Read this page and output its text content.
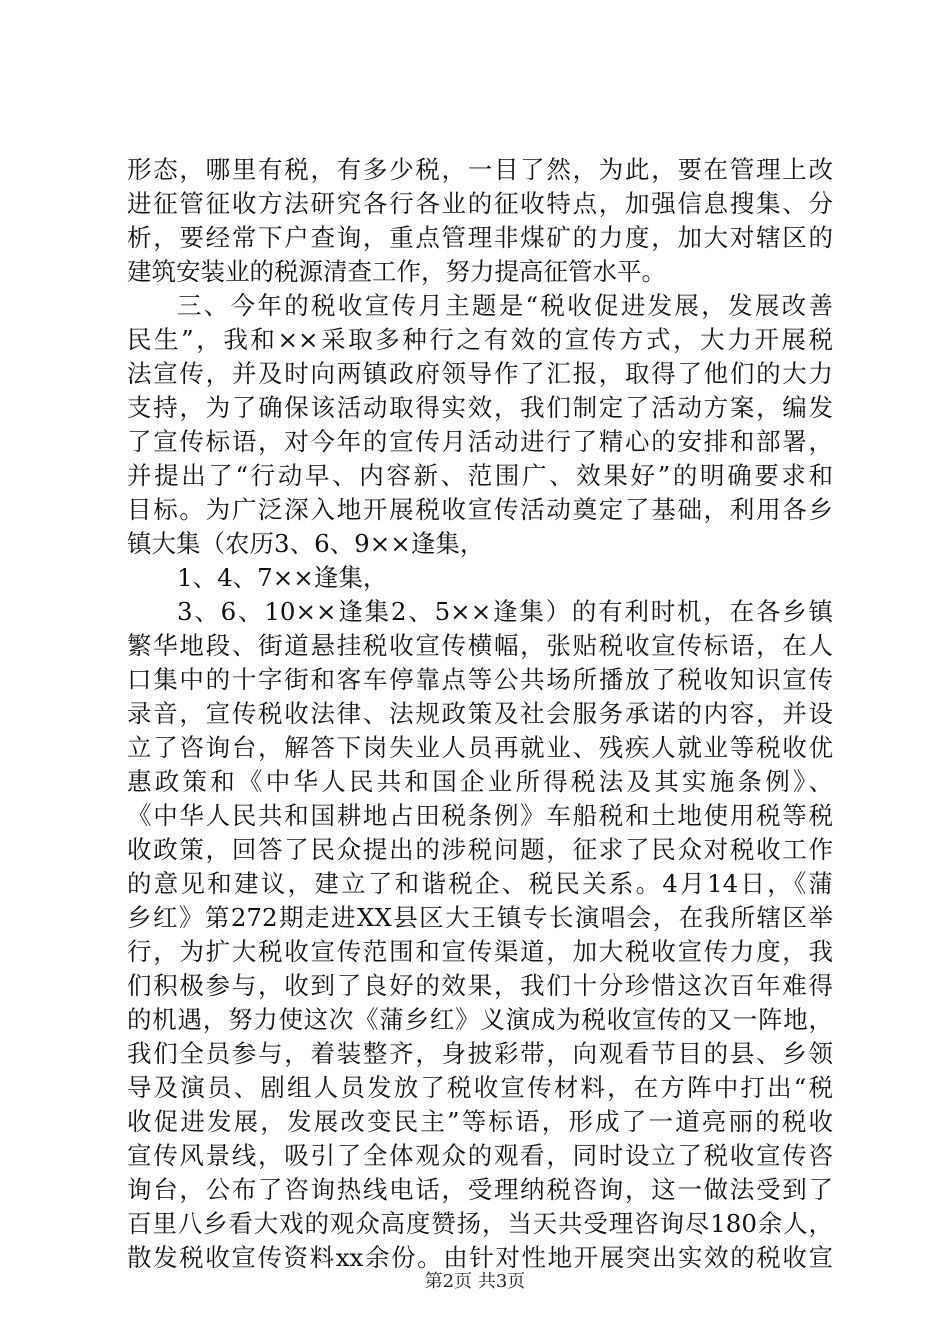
形态，哪里有税，有多少税，一目了然，为此，要在管理上改
进征管征收方法研究各行各业的征收特点，加强信息搜集、分
析，要经常下户查询，重点管理非煤矿的力度，加大对辖区的
建筑安装业的税源清查工作，努力提高征管水平。
三、今年的税收宣传月主题是“税收促进发展，发展改善
民生”，我和××采取多种行之有效的宣传方式，大力开展税
法宣传，并及时向两镇政府领导作了汇报，取得了他们的大力
支持，为了确保该活动取得实效，我们制定了活动方案，编发
了宣传标语，对今年的宣传月活动进行了精心的安排和部署，
并提出了“行动早、内容新、范围广、效果好”的明确要求和
目标。为广泛深入地开展税收宣传活动奠定了基础，利用各乡
镇大集（农历3、6、9××逢集，
1、4、7××逢集，
3、6、10××逢集2、5××逢集）的有利时机，在各乡镇
繁华地段、街道悬挂税收宣传横幅，张贴税收宣传标语，在人
口集中的十字街和客车停靠点等公共场所播放了税收知识宣传
录音，宣传税收法律、法规政策及社会服务承诺的内容，并设
立了咨询台，解答下岗失业人员再就业、残疾人就业等税收优
惠政策和《中华人民共和国企业所得税法及其实施条例》、
《中华人民共和国耕地占田税条例》车船税和土地使用税等税
收政策，回答了民众提出的涉税问题，征求了民众对税收工作
的意见和建议，建立了和谐税企、税民关系。4月14日，《蒲
乡红》第272期走进XX县区大王镇专长演唱会，在我所辖区举
行，为扩大税收宣传范围和宣传渠道，加大税收宣传力度，我
们积极参与，收到了良好的效果，我们十分珍惜这次百年难得
的机遇，努力使这次《蒲乡红》义演成为税收宣传的又一阵地，
我们全员参与，着装整齐，身披彩带，向观看节目的县、乡领
导及演员、剧组人员发放了税收宣传材料，在方阵中打出“税
收促进发展，发展改变民主”等标语，形成了一道亮丽的税收
宣传风景线，吸引了全体观众的观看，同时设立了税收宣传咨
询台，公布了咨询热线电话，受理纳税咨询，这一做法受到了
百里八乡看大戏的观众高度赞扬，当天共受理咨询尽180余人，
散发税收宣传资料xx余份。由针对性地开展突出实效的税收宣
第2页 共3页
